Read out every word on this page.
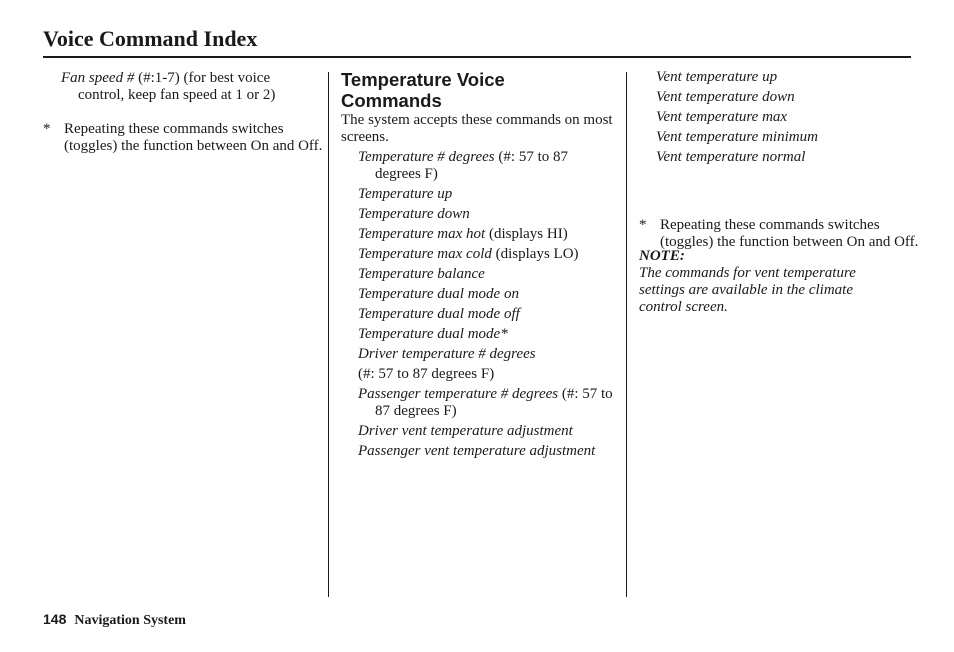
Voice Command Index

Fan speed # (#:1-7) (for best voice control, keep fan speed at 1 or 2)

* Repeating these commands switches (toggles) the function between On and Off.
Temperature Voice
Commands

The system accepts these commands on most screens.

Temperature # degrees (#: 57 to 87 degrees F)

Temperature up

Temperature down

Temperature max hot (displays HI)

Temperature max cold (displays LO)

Temperature balance

Temperature dual mode on

Temperature dual mode off

Temperature dual mode*

Driver temperature # degrees

(#: 57 to 87 degrees F)

Passenger temperature # degrees (#: 57 to 87 degrees F)

Driver vent temperature adjustment

Passenger vent temperature adjustment

Vent temperature up

Vent temperature down

Vent temperature max

Vent temperature minimum

Vent temperature normal

* Repeating these commands switches (toggles) the function between On and Off.

NOTE:

The commands for vent temperature settings are available in the climate control screen.

148 Navigation System
